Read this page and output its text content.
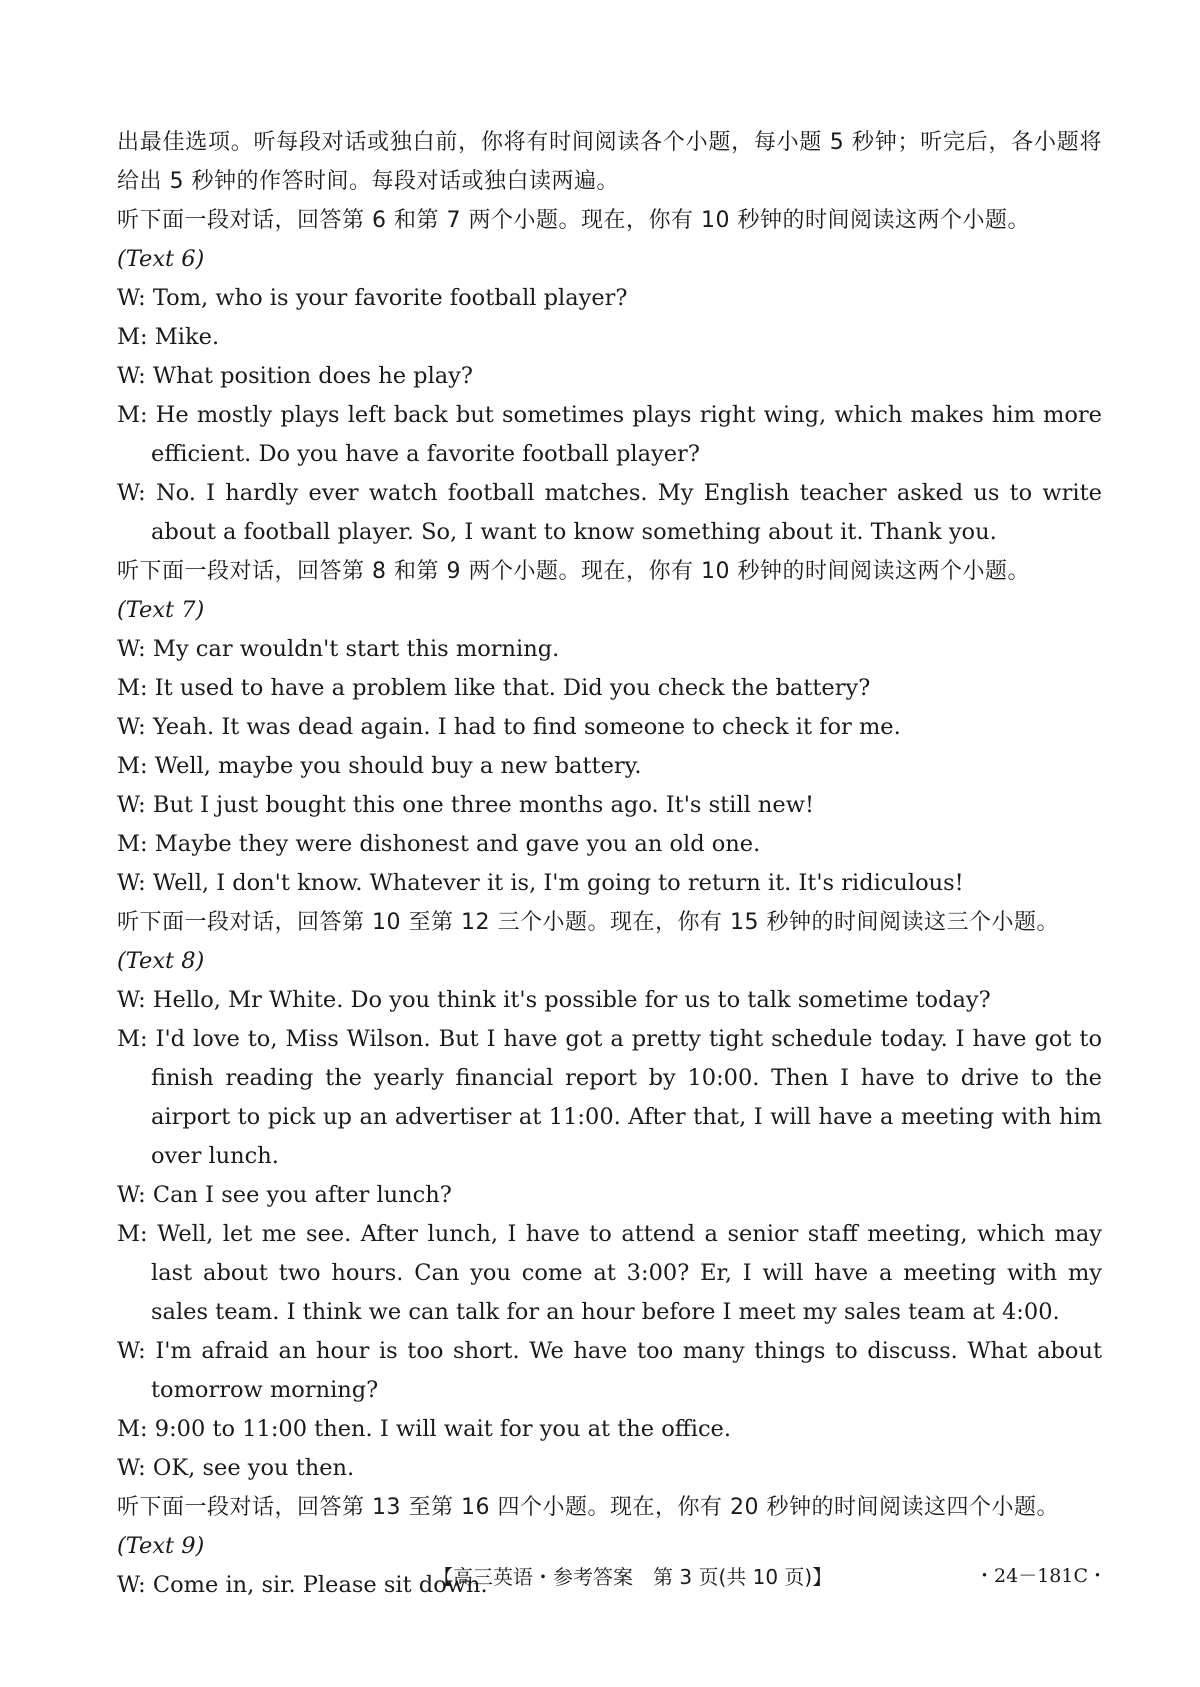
出最佳选项。听每段对话或独白前，你将有时间阅读各个小题，每小题 5 秒钟；听完后，各小题将给出 5 秒钟的作答时间。每段对话或独白读两遍。

听下面一段对话，回答第 6 和第 7 两个小题。现在，你有 10 秒钟的时间阅读这两个小题。

(Text 6)

W: Tom, who is your favorite football player?

M: Mike.

W: What position does he play?

M: He mostly plays left back but sometimes plays right wing, which makes him more efficient. Do you have a favorite football player?

W: No. I hardly ever watch football matches. My English teacher asked us to write about a football player. So, I want to know something about it. Thank you.

听下面一段对话，回答第 8 和第 9 两个小题。现在，你有 10 秒钟的时间阅读这两个小题。

(Text 7)

W: My car wouldn't start this morning.

M: It used to have a problem like that. Did you check the battery?

W: Yeah. It was dead again. I had to find someone to check it for me.

M: Well, maybe you should buy a new battery.

W: But I just bought this one three months ago. It's still new!

M: Maybe they were dishonest and gave you an old one.

W: Well, I don't know. Whatever it is, I'm going to return it. It's ridiculous!

听下面一段对话，回答第 10 至第 12 三个小题。现在，你有 15 秒钟的时间阅读这三个小题。

(Text 8)

W: Hello, Mr White. Do you think it's possible for us to talk sometime today?

M: I'd love to, Miss Wilson. But I have got a pretty tight schedule today. I have got to finish reading the yearly financial report by 10:00. Then I have to drive to the airport to pick up an advertiser at 11:00. After that, I will have a meeting with him over lunch.

W: Can I see you after lunch?

M: Well, let me see. After lunch, I have to attend a senior staff meeting, which may last about two hours. Can you come at 3:00? Er, I will have a meeting with my sales team. I think we can talk for an hour before I meet my sales team at 4:00.

W: I'm afraid an hour is too short. We have too many things to discuss. What about tomorrow morning?

M: 9:00 to 11:00 then. I will wait for you at the office.

W: OK, see you then.

听下面一段对话，回答第 13 至第 16 四个小题。现在，你有 20 秒钟的时间阅读这四个小题。

(Text 9)

W: Come in, sir. Please sit down.

【高三英语・参考答案　第 3 页(共 10 页)】	・24－181C・
